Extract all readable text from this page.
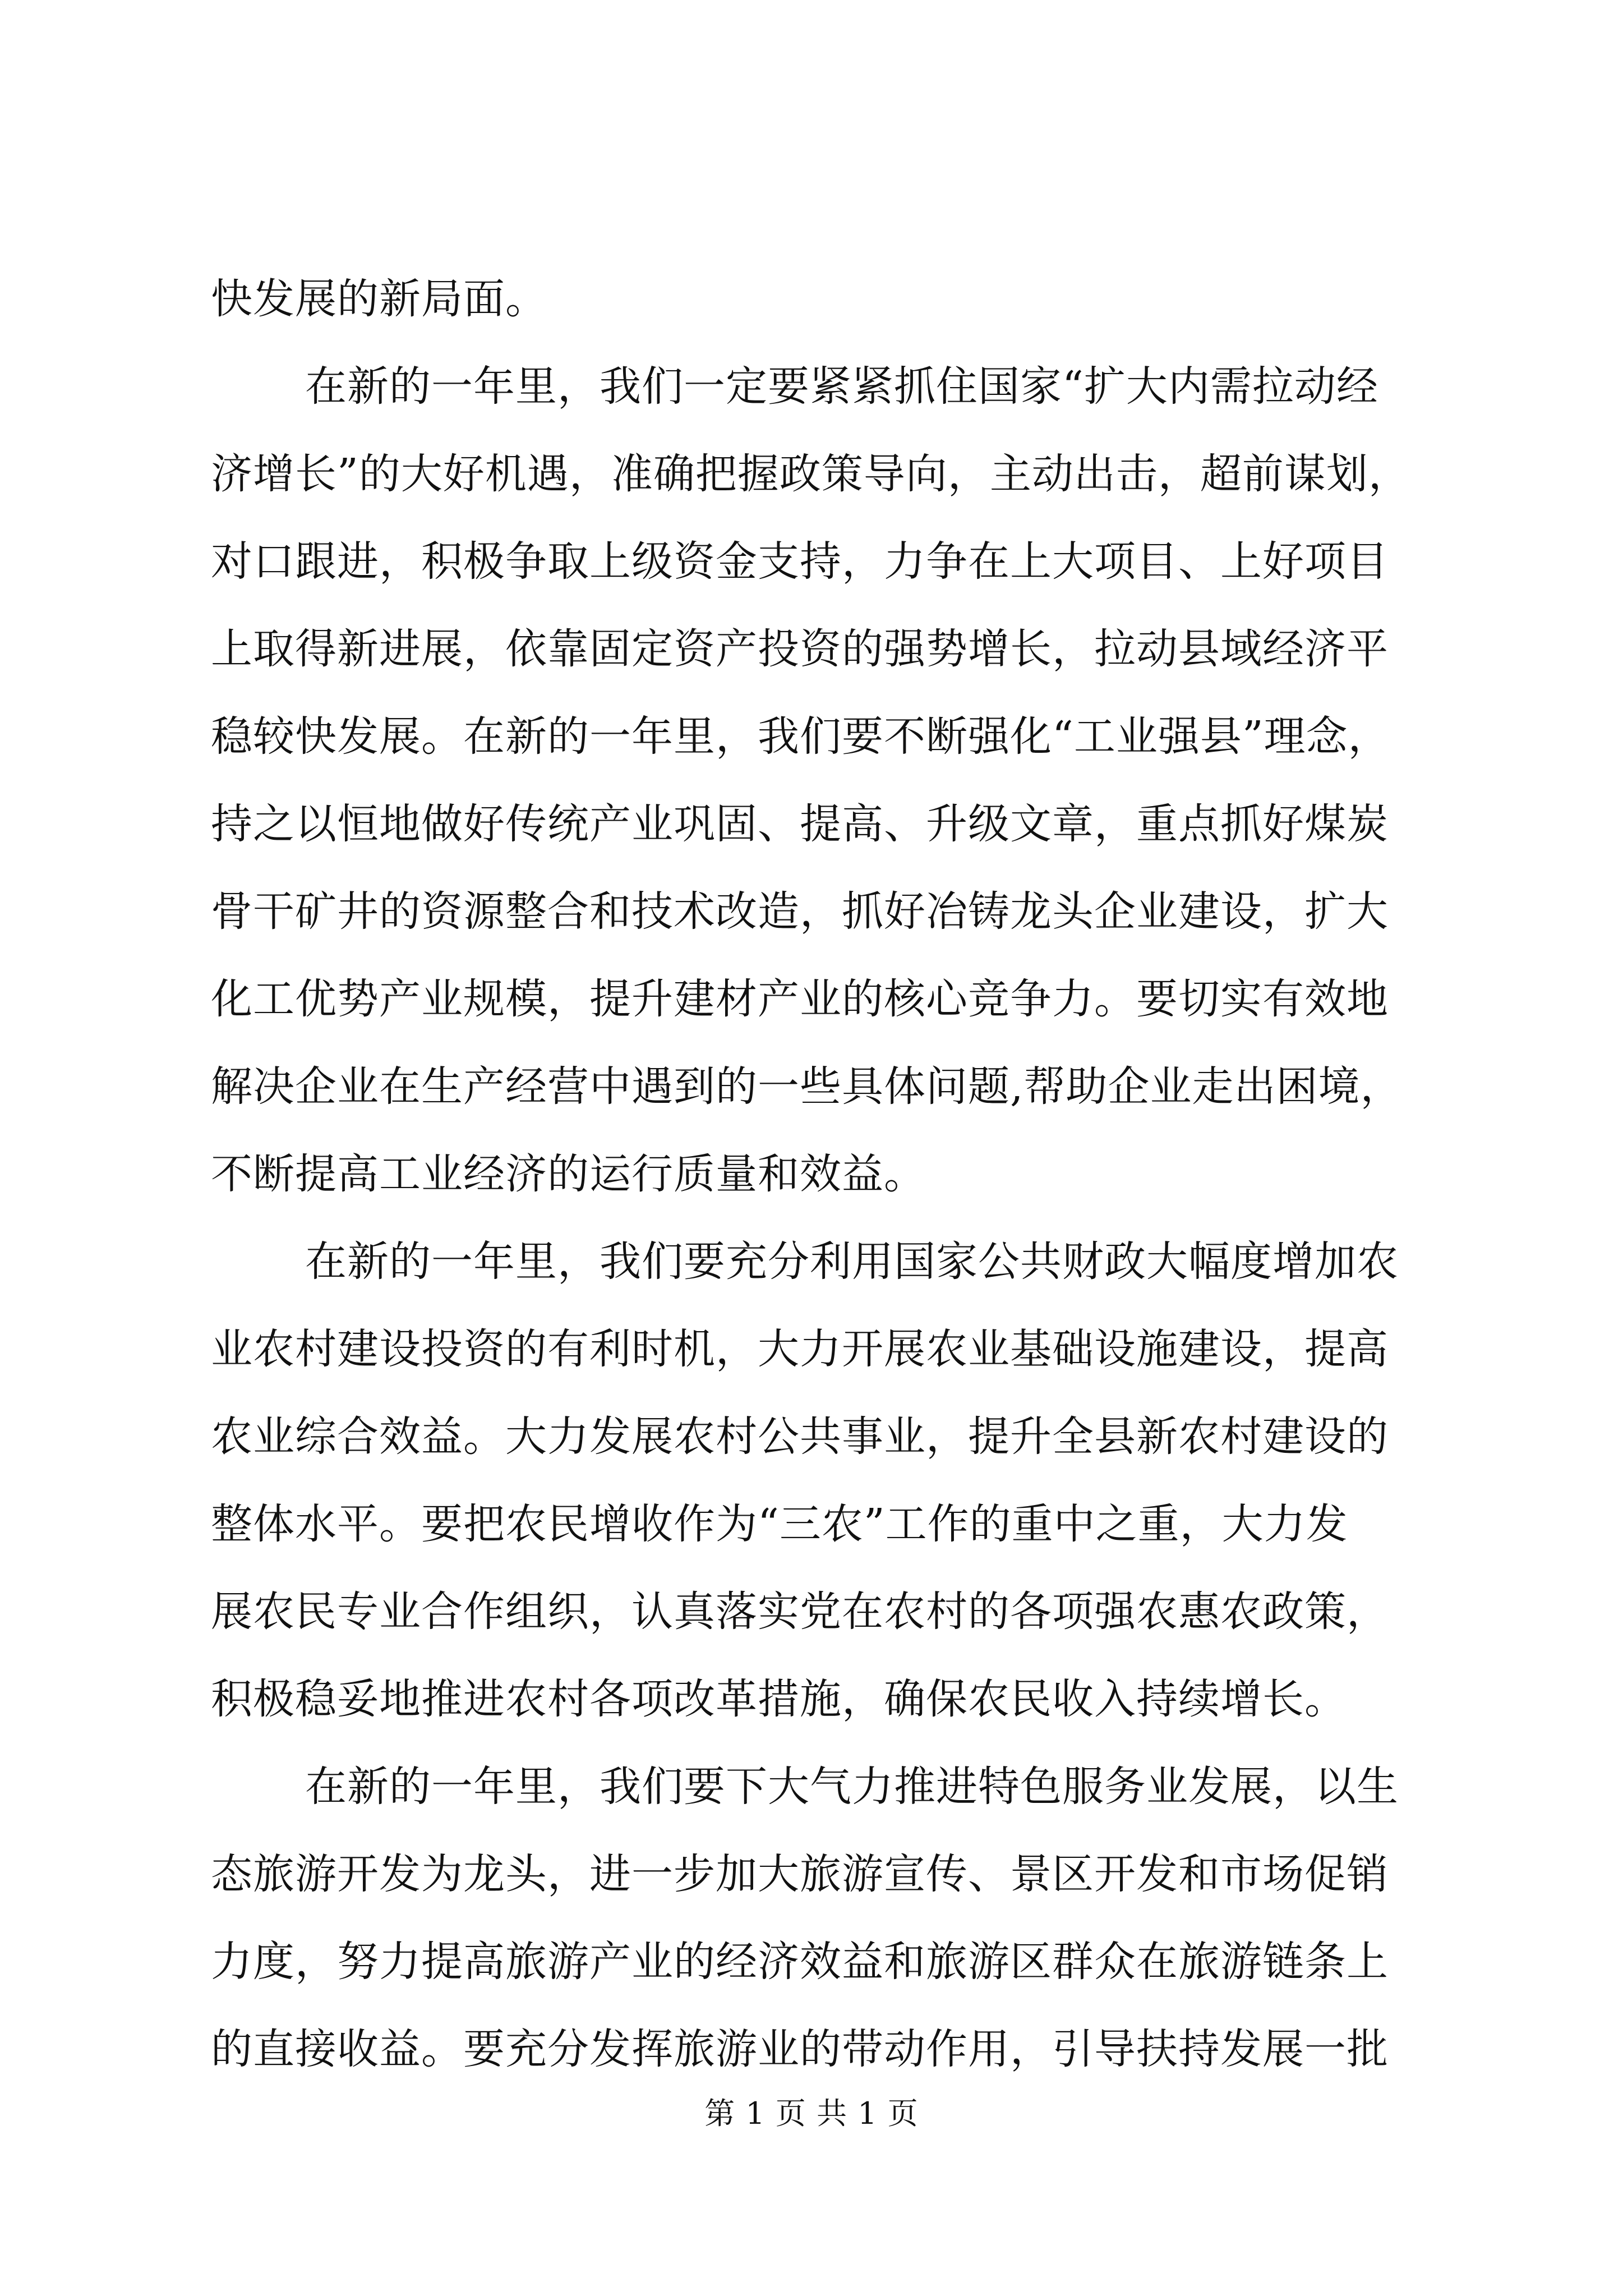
快发展的新局面。
在新的一年里，我们一定要紧紧抓住国家“扩大内需拉动经
济增长”的大好机遇，准确把握政策导向，主动出击，超前谋划，
对口跟进，积极争取上级资金支持，力争在上大项目、上好项目
上取得新进展，依靠固定资产投资的强势增长，拉动县域经济平
稳较快发展。在新的一年里，我们要不断强化“工业强县”理念，
持之以恒地做好传统产业巩固、提高、升级文章，重点抓好煤炭
骨干矿井的资源整合和技术改造，抓好冶铸龙头企业建设，扩大
化工优势产业规模，提升建材产业的核心竞争力。要切实有效地
解决企业在生产经营中遇到的一些具体问题,帮助企业走出困境，
不断提高工业经济的运行质量和效益。
在新的一年里，我们要充分利用国家公共财政大幅度增加农
业农村建设投资的有利时机，大力开展农业基础设施建设，提高
农业综合效益。大力发展农村公共事业，提升全县新农村建设的
整体水平。要把农民增收作为“三农”工作的重中之重，大力发
展农民专业合作组织，认真落实党在农村的各项强农惠农政策，
积极稳妥地推进农村各项改革措施，确保农民收入持续增长。
在新的一年里，我们要下大气力推进特色服务业发展，以生
态旅游开发为龙头，进一步加大旅游宣传、景区开发和市场促销
力度，努力提高旅游产业的经济效益和旅游区群众在旅游链条上
的直接收益。要充分发挥旅游业的带动作用，引导扶持发展一批
第 1 页 共 1 页
